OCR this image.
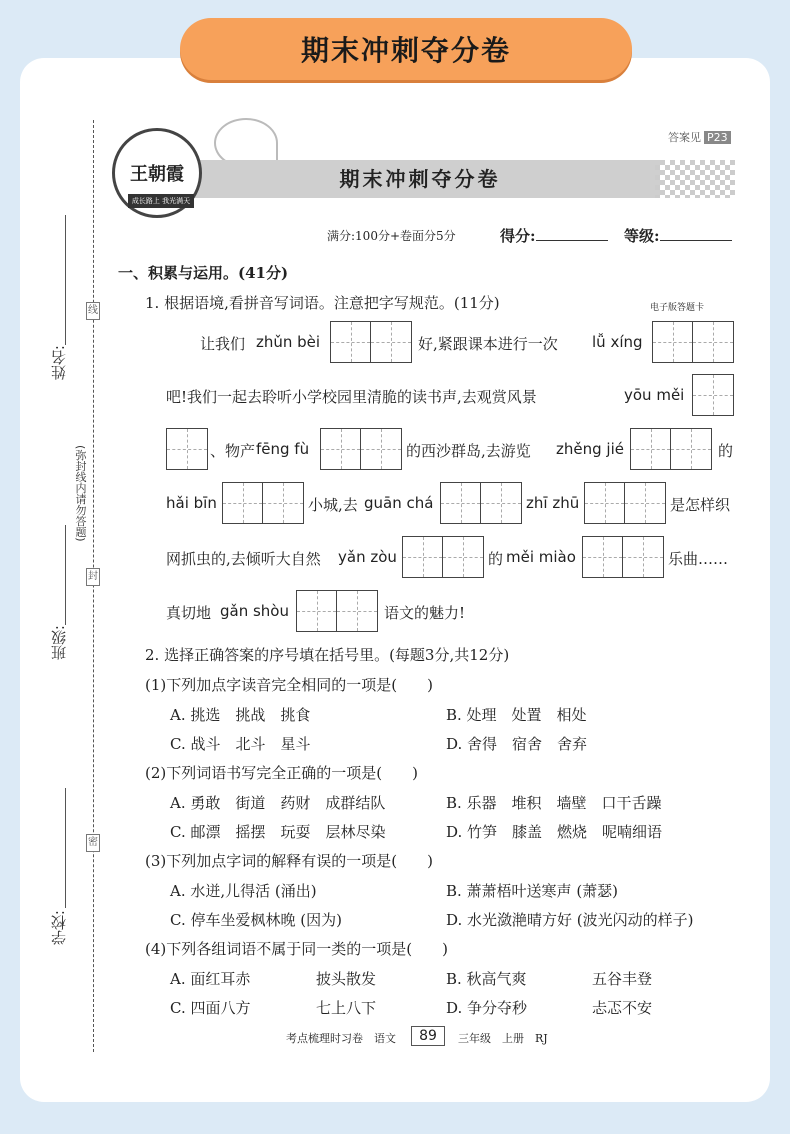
期末冲刺夺分卷
姓名:
班级:
学校:
(弥封线内请勿答题)
线
封
密
期末冲刺夺分卷
王朝霞
成长路上 我光满天
答案见 P23
满分:100分+卷面分5分	得分:	等级:
一、积累与运用。(41分)
1. 根据语境,看拼音写词语。注意把字写规范。(11分)	电子版答题卡
让我们 zhǔn bèi	好,紧跟课本进行一次 lǚ xíng
吧!我们一起去聆听小学校园里清脆的读书声,去观赏风景	yōu měi
、物产 fēng fù	的西沙群岛,去游览 zhěng jié	的
hǎi bīn	小城,去 guān chá	zhī zhū	是怎样织
网抓虫的,去倾听大自然 yǎn zòu	的 měi miào	乐曲……
真切地 gǎn shòu	语文的魅力!
2. 选择正确答案的序号填在括号里。(每题3分,共12分)
(1)下列加点字读音完全相同的一项是(　　)
A. 挑选　挑战　挑食	B. 处理　处置　相处
C. 战斗　北斗　星斗	D. 舍得　宿舍　舍弃
(2)下列词语书写完全正确的一项是(　　)
A. 勇敢　街道　药财　成群结队	B. 乐器　堆积　墙壁　口干舌躁
C. 邮漂　摇摆　玩耍　层林尽染	D. 竹笋　膝盖　燃烧　呢喃细语
(3)下列加点字词的解释有误的一项是(　　)
A. 水迸,儿得活 (涌出)	B. 萧萧梧叶送寒声 (萧瑟)
C. 停车坐爱枫林晚 (因为)	D. 水光潋滟晴方好 (波光闪动的样子)
(4)下列各组词语不属于同一类的一项是(　　)
A. 面红耳赤	披头散发	B. 秋高气爽	五谷丰登
C. 四面八方	七上八下	D. 争分夺秒	忐忑不安
考点梳理时习卷　语文	89	三年级　上册　RJ
